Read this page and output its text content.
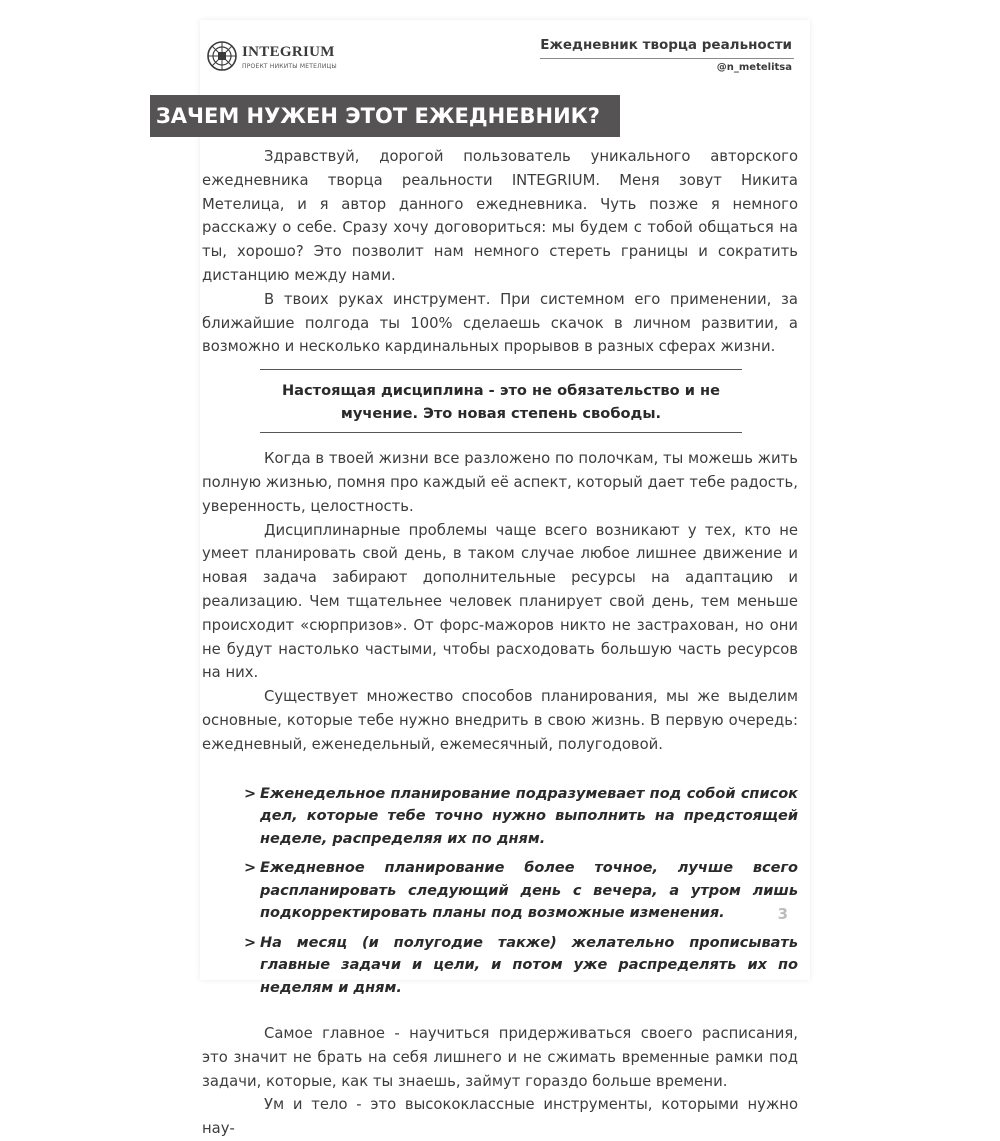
INTEGRIUM
ПРОЕКТ НИКИТЫ МЕТЕЛИЦЫ
Ежедневник творца реальности
@n_metelitsa
ЗАЧЕМ НУЖЕН ЭТОТ ЕЖЕДНЕВНИК?

Здравствуй, дорогой пользователь уникального авторского ежедневника творца реальности INTEGRIUM. Меня зовут Никита Метелица, и я автор данного ежедневника. Чуть позже я немного расскажу о себе. Сразу хочу договориться: мы будем с тобой общаться на ты, хорошо? Это позволит нам немного стереть границы и сократить дистанцию между нами.

В твоих руках инструмент. При системном его применении, за ближайшие полгода ты 100% сделаешь скачок в личном развитии, а возможно и несколько кардинальных прорывов в разных сферах жизни.

Настоящая дисциплина - это не обязательство и не мучение. Это новая степень свободы.

Когда в твоей жизни все разложено по полочкам, ты можешь жить полную жизнью, помня про каждый её аспект, который дает тебе радость, уверенность, целостность.

Дисциплинарные проблемы чаще всего возникают у тех, кто не умеет планировать свой день, в таком случае любое лишнее движение и новая задача забирают дополнительные ресурсы на адаптацию и реализацию. Чем тщательнее человек планирует свой день, тем меньше происходит «сюрпризов». От форс-мажоров никто не застрахован, но они не будут настолько частыми, чтобы расходовать большую часть ресурсов на них.

Существует множество способов планирования, мы же выделим основные, которые тебе нужно внедрить в свою жизнь. В первую очередь: ежедневный, еженедельный, ежемесячный, полугодовой.

> Еженедельное планирование подразумевает под собой список дел, которые тебе точно нужно выполнить на предстоящей неделе, распределяя их по дням.
> Ежедневное планирование более точное, лучше всего распланировать следующий день с вечера, а утром лишь подкорректировать планы под возможные изменения.
> На месяц (и полугодие также) желательно прописывать главные задачи и цели, и потом уже распределять их по неделям и дням.

Самое главное - научиться придерживаться своего расписания, это значит не брать на себя лишнего и не сжимать временные рамки под задачи, которые, как ты знаешь, займут гораздо больше времени.

Ум и тело - это высококлассные инструменты, которыми нужно нау-

3
